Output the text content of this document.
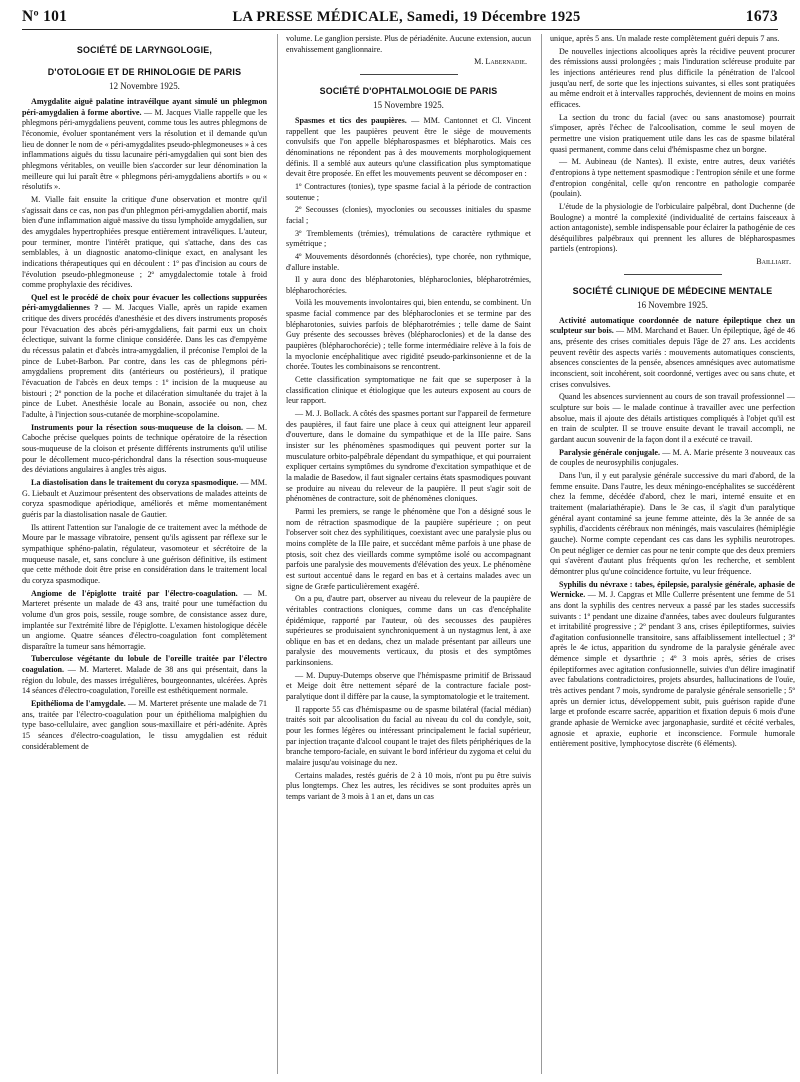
Nº 101	LA PRESSE MÉDICALE, Samedi, 19 Décembre 1925	1673
SOCIÉTÉ DE LARYNGOLOGIE,
D'OTOLOGIE ET DE RHINOLOGIE DE PARIS
12 Novembre 1925.

Amygdalite aiguë palatine intravéilque ayant simulé un phlegmon péri-amygdalien à forme abortive. — M. Jacques Vialle rappelle que les phlegmons péri-amygdaliens peuvent, comme tous les autres phlegmons de l'économie, évoluer spontanément vers la résolution et il demande qu'un lieu de donner le nom de « péri-amygdalites pseudo-phlegmoneuses » à ces inflammations aiguës du tissu lacunaire péri-amygdalien qui sont bien des phlegmons véritables, on veuille bien s'accorder sur leur dénomination la meilleure qui lui paraît être « phlegmons péri-amygdaliens abortifs » ou « résolutifs ».

M. Vialle fait ensuite la critique d'une observation et montre qu'il s'agissait dans ce cas, non pas d'un phlegmon péri-amygdalien abortif, mais bien d'une inflammation aiguë massive du tissu lymphoïde amygdalien, sur des amygdales hypertrophiées presque entièrement intravéliques. L'auteur, pour terminer, montre l'intérêt pratique, qui s'attache, dans des cas semblables, à un diagnostic anatomo-clinique exact, en analysant les indications thérapeutiques qui en découlent : 1º pas d'incision au cours de l'évolution pseudo-phlegmoneuse ; 2º amygdalectomie totale à froid comme prophylaxie des récidives.

Quel est le procédé de choix pour évacuer les collections suppurées péri-amygdaliennes ? — M. Jacques Vialle, après un rapide examen critique des divers procédés d'anesthésie et des divers instruments proposés pour l'évacuation des abcès péri-amygdaliens, fait parmi eux un choix éclectique, suivant la forme clinique considérée. Dans les cas d'empyème du récessus palatin et d'abcès intra-amygdalien, il préconise l'emploi de la pince de Lubet-Barbon. Par contre, dans les cas de phlegmons péri-amygdaliens proprement dits (antérieurs ou postérieurs), il pratique l'évacuation de l'abcès en deux temps : 1º incision de la muqueuse au bistouri ; 2º ponction de la poche et dilacération simultanée du trajet à la pince de Lubet. Anesthésie locale au Bonain, associée ou non, chez l'adulte, à l'injection sous-cutanée de morphine-scopolamine.

Instruments pour la résection sous-muqueuse de la cloison. — M. Caboche précise quelques points de technique opératoire de la résection sous-muqueuse de la cloison et présente différents instruments qu'il utilise pour le décollement muco-périchondral dans la résection sous-muqueuse des déviations angulaires à angles très aigus.

La diastolisation dans le traitement du coryza spasmodique. — MM. G. Liebault et Auzimour présentent des observations de malades atteints de coryza spasmodique apériodique, améliorés et même momentanément guéris par la diastolisation nasale de Gautier.

Ils attirent l'attention sur l'analogie de ce traitement avec la méthode de Moure par le massage vibratoire, pensent qu'ils agissent par réflexe sur le sympathique sphéno-palatin, régulateur, vasomoteur et sécrétoire de la muqueuse nasale, et, sans conclure à une guérison définitive, ils estiment que cette méthode doit être prise en considération dans le traitement local du coryza spasmodique.

Angiome de l'épiglotte traité par l'électro-coagulation. — M. Marteret présente un malade de 43 ans, traité pour une tuméfaction du volume d'un gros pois, sessile, rouge sombre, de consistance assez dure, implantée sur l'extrémité libre de l'épiglotte. L'examen histologique décèle un angiome. Quatre séances d'électro-coagulation font complètement disparaître la tumeur sans hémorragie.

Tuberculose végétante du lobule de l'oreille traitée par l'électro coagulation. — M. Marteret. Malade de 38 ans qui présentait, dans la région du lobule, des masses irrégulières, bourgeonnantes, ulcérées. Après 14 séances d'électro-coagulation, l'oreille est esthétiquement normale.

Epithélioma de l'amygdale. — M. Marteret présente une malade de 71 ans, traitée par l'électro-coagulation pour un épithélioma malpighien du type baso-cellulaire, avec ganglion sous-maxillaire et péri-adénite. Après 15 séances d'électro-coagulation, le tissu amygdalien est réduit considérablement de

volume. Le ganglion persiste. Plus de périadénite. Aucune extension, aucun envahissement ganglionnaire.

M. Labernadie.
SOCIÉTÉ D'OPHTALMOLOGIE DE PARIS
15 Novembre 1925.

Spasmes et tics des paupières. — MM. Cantonnet et Cl. Vincent rappellent que les paupières peuvent être le siège de mouvements convulsifs que l'on appelle blépharospasmes et blépharotics. Mais ces dénominations ne répondent pas à des mouvements morphologiquement définis. Il a semblé aux auteurs qu'une classification plus symptomatique devait être proposée. En effet les mouvements peuvent se décomposer en :

1º Contractures (tonies), type spasme facial à la période de contraction soutenue ;

2º Secousses (clonies), myoclonies ou secousses initiales du spasme facial ;

3º Tremblements (trémies), trémulations de caractère rythmique et symétrique ;

4º Mouvements désordonnés (chorécies), type chorée, non rythmique, d'allure instable.

Il y aura donc des blépharotonies, blépharoclonies, blépharotrémies, blépharochorécies.

Voilà les mouvements involontaires qui, bien entendu, se combinent. Un spasme facial commence par des blépharoclonies et se termine par des blépharotonies, suivies parfois de blépharotrémies ; telle dame de Saint Guy présente des secousses brèves (blépharoclonies) et de la danse des paupières (blépharochorécie) ; telle forme intermédiaire relève à la fois de la myoclonie encéphalitique avec rigidité pseudo-parkinsonienne et de la chorée. Toutes les combinaisons se rencontrent.

Cette classification symptomatique ne fait que se superposer à la classification clinique et étiologique que les auteurs exposent au cours de leur rapport.

— M. J. Bollack. A côtés des spasmes portant sur l'appareil de fermeture des paupières, il faut faire une place à ceux qui atteignent leur appareil d'ouverture, dans le domaine du sympathique et de la IIIe paire. Sans insister sur les phénomènes spasmodiques qui peuvent porter sur la musculature orbito-palpébrale dépendant du sympathique, et qui pourraient expliquer certains symptômes du syndrome d'excitation sympathique et de la maladie de Basedow, il faut signaler certains états spasmodiques pouvant se produire au niveau du releveur de la paupière. Il peut s'agir soit de phénomènes de contracture, soit de phénomènes cloniques.

Parmi les premiers, se range le phénomène que l'on a désigné sous le nom de rétraction spasmodique de la paupière supérieure ; on peut l'observer soit chez des syphilitiques, coexistant avec une paralysie plus ou moins complète de la IIIe paire, et succédant même parfois à une phase de ptosis, soit chez des vieillards comme symptôme isolé ou accompagnant parfois une paralysie des mouvements d'élévation des yeux. Le phénomène est surtout accentué dans le regard en bas et à certains malades avec un signe de Græfe particulièrement exagéré.

On a pu, d'autre part, observer au niveau du releveur de la paupière de véritables contractions cloniques, comme dans un cas d'encéphalite épidémique, rapporté par l'auteur, où des secousses des paupières supérieures se produisaient synchroniquement à un nystagmus lent, à axe oblique en bas et en dedans, chez un malade présentant par ailleurs une paralysie des mouvements verticaux, du ptosis et des symptômes parkinsoniens.

— M. Dupuy-Dutemps observe que l'hémispasme primitif de Brissaud et Meige doit être nettement séparé de la contracture faciale post-paralytique dont il diffère par la cause, la symptomatologie et le traitement.

Il rapporte 55 cas d'hémispasme ou de spasme bilatéral (facial médian) traités soit par alcoolisation du facial au niveau du col du condyle, soit, pour les formes légères ou intéressant principalement le facial supérieur, par injection traçante d'alcool coupant le trajet des filets périphériques de la branche temporo-faciale, en suivant le bord inférieur du zygoma et celui du malaire jusqu'au voisinage du nez.

Certains malades, restés guéris de 2 à 10 mois, n'ont pu pu être suivis plus longtemps. Chez les autres, les récidives se sont produites après un temps variant de 3 mois à 1 an et, dans un cas

unique, après 5 ans. Un malade reste complètement guéri depuis 7 ans.

De nouvelles injections alcooliques après la récidive peuvent procurer des rémissions aussi prolongées ; mais l'induration scléreuse produite par les injections antérieures rend plus difficile la pénétration de l'alcool jusqu'au nerf, de sorte que les injections suivantes, si elles sont pratiquées au même endroit et à intervalles rapprochés, deviennent de moins en moins efficaces.

La section du tronc du facial (avec ou sans anastomose) pourrait s'imposer, après l'échec de l'alcoolisation, comme le seul moyen de permettre une vision pratiquement utile dans les cas de spasme bilatéral quasi permanent, comme dans celui d'hémispasme chez un borgne.

— M. Aubineau (de Nantes). Il existe, entre autres, deux variétés d'entropions à type nettement spasmodique : l'entropion sénile et une forme d'entropion congénital, celle qu'on rencontre en pathologie comparée (poulain).

L'étude de la physiologie de l'orbiculaire palpébral, dont Duchenne (de Boulogne) a montré la complexité (individualité de certains faisceaux à action antagoniste), semble indispensable pour éclairer la pathogénie de ces déséquilibres palpébraux qui prennent les allures de blépharospasmes partiels (entropions).

Bailliart.
SOCIÉTÉ CLINIQUE DE MÉDECINE MENTALE
16 Novembre 1925.

Activité automatique coordonnée de nature épileptique chez un sculpteur sur bois. — MM. Marchand et Bauer. Un épileptique, âgé de 46 ans, présente des crises comitiales depuis l'âge de 27 ans. Les accidents peuvent revêtir des aspects variés : mouvements automatiques conscients, absences conscientes de la pensée, absences amnésiques avec automatisme inconscient, soit incohérent, soit coordonné, vertiges avec ou sans chute, et crises convulsives.

Quand les absences surviennent au cours de son travail professionnel — sculpture sur bois — le malade continue à travailler avec une perfection absolue, mais il ajoute des détails artistiques compliqués à l'objet qu'il est en train de sculpter. Il se trouve ensuite devant le travail accompli, ne gardant aucun souvenir de la façon dont il a exécuté ce travail.

Paralysie générale conjugale. — M. A. Marie présente 3 nouveaux cas de couples de neurosyphilis conjugales.

Dans l'un, il y eut paralysie générale successive du mari d'abord, de la femme ensuite. Dans l'autre, les deux méningo-encéphalites se succédèrent chez la femme, décédée d'abord, chez le mari, interné ensuite et en traitement (malariathérapie). Dans le 3e cas, il s'agit d'un paralytique général ayant contaminé sa jeune femme atteinte, dès la 3e année de sa syphilis, d'accidents cérébraux non méningés, mais vasculaires (hémiplégie gauche). Norme compte cependant ces cas dans les syphilis neurotropes. On peut négliger ce dernier cas pour ne tenir compte que des deux premiers qui s'avèrent d'autant plus fréquents qu'on les recherche, et semblent démontrer plus qu'une coïncidence fortuite, vu leur fréquence.

Syphilis du névraxe : tabes, épilepsie, paralysie générale, aphasie de Wernicke. — M. J. Capgras et Mlle Cullerre présentent une femme de 51 ans dont la syphilis des centres nerveux a passé par les stades successifs suivants : 1º pendant une dizaine d'années, tabes avec douleurs fulgurantes et irritabilité progressive ; 2º pendant 3 ans, crises épileptiformes, suivies d'agitation confusionnelle transitoire, sans affaiblissement intellectuel ; 3º après le 4e ictus, apparition du syndrome de la paralysie générale avec démence simple et dysarthrie ; 4º 3 mois après, séries de crises épileptiformes avec agitation confusionnelle, suivies d'un délire imaginatif avec fabulations contradictoires, projets absurdes, hallucinations de l'ouïe, très actives pendant 7 mois, syndrome de paralysie générale sensorielle ; 5º après un dernier ictus, développement subit, puis guérison rapide d'une large et profonde escarre sacrée, apparition et fixation depuis 6 mois d'une grande aphasie de Wernicke avec jargonaphasie, surdité et cécité verbales, agnosie et apraxie, euphorie et inconscience. Formule humorale entièrement positive, lymphocytose discrète (6 éléments).
